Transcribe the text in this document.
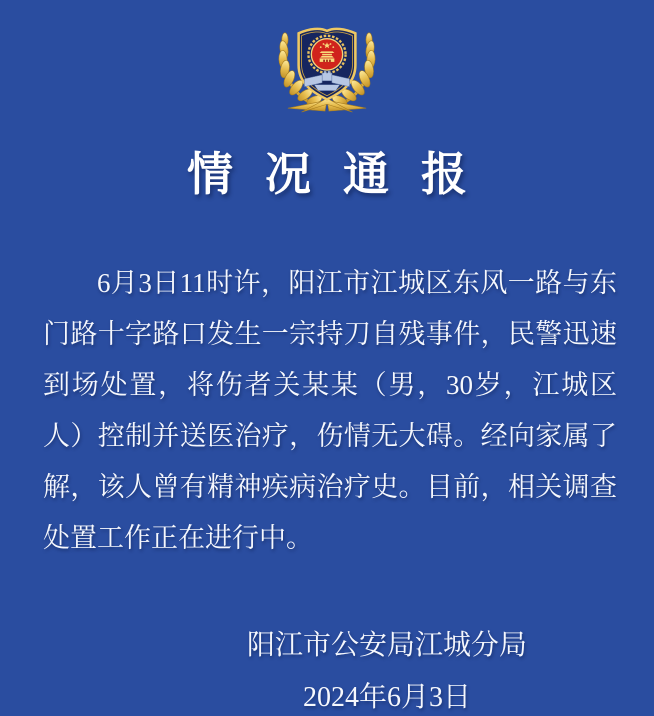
情况通报
6月3日11时许，阳江市江城区东风一路与东
门路十字路口发生一宗持刀自残事件，民警迅速
到场处置，将伤者关某某（男，30岁，江城区
人）控制并送医治疗，伤情无大碍。经向家属了
解，该人曾有精神疾病治疗史。目前，相关调查
处置工作正在进行中。
阳江市公安局江城分局
2024年6月3日
